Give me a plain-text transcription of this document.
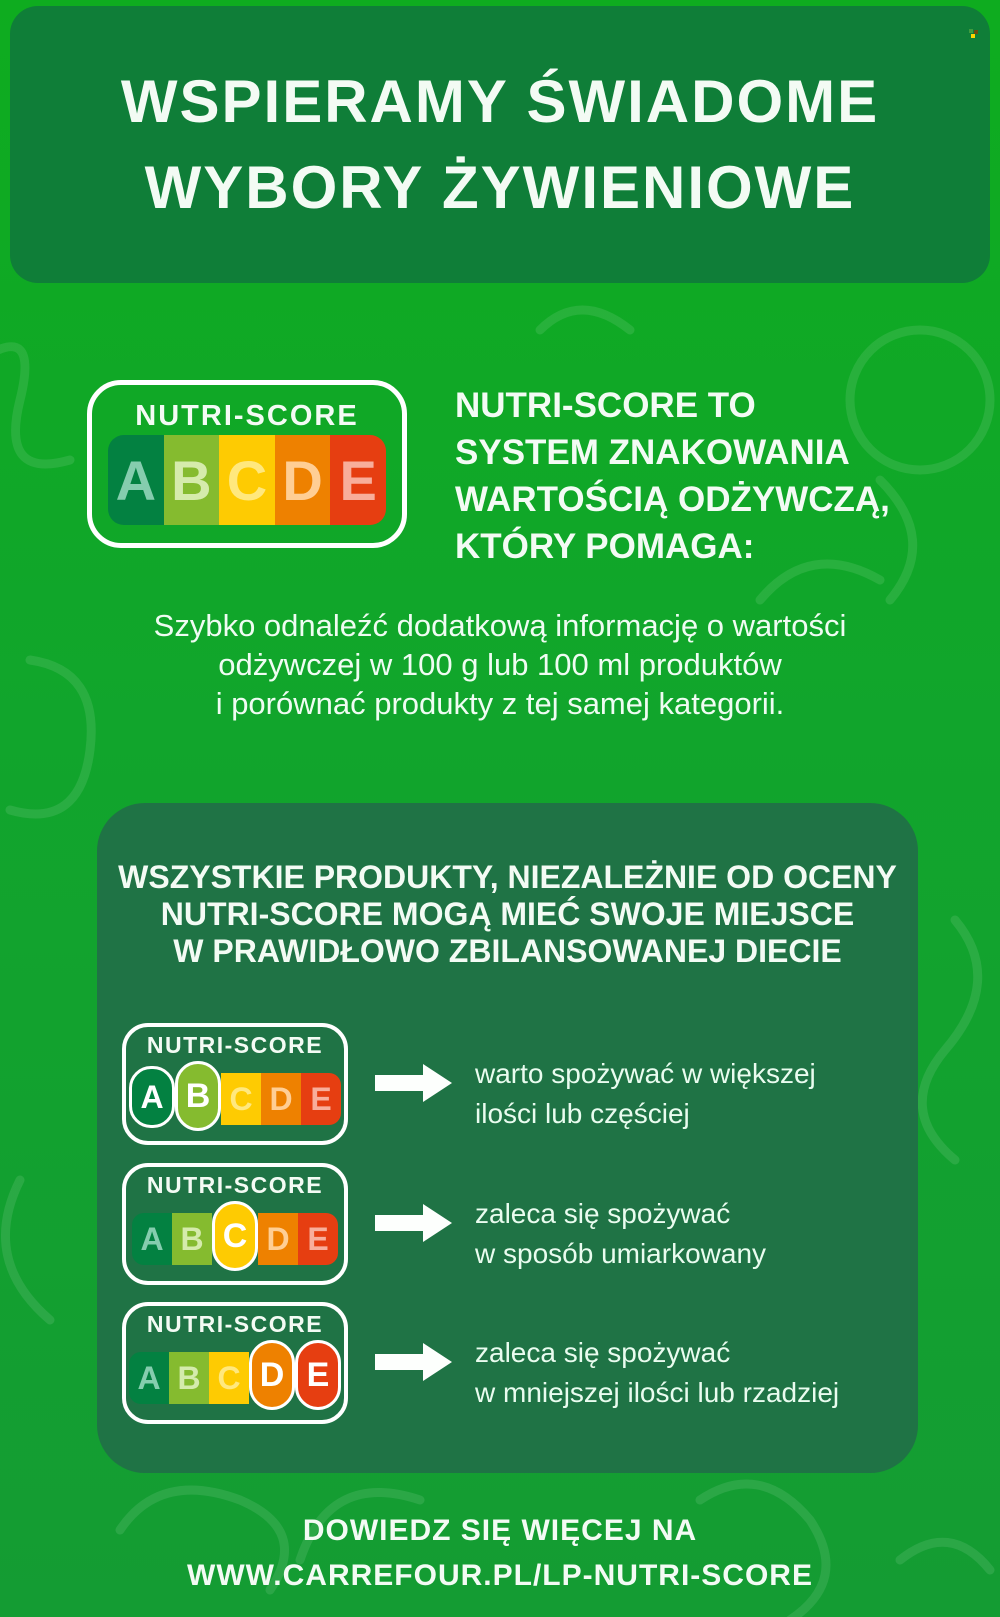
WSPIERAMY ŚWIADOME
WYBORY ŻYWIENIOWE
NUTRI-SCORE
A B C D E
NUTRI-SCORE TO
SYSTEM ZNAKOWANIA
WARTOŚCIĄ ODŻYWCZĄ,
KTÓRY POMAGA:
Szybko odnaleźć dodatkową informację o wartości
odżywczej w 100 g lub 100 ml produktów
i porównać produkty z tej samej kategorii.
WSZYSTKIE PRODUKTY, NIEZALEŻNIE OD OCENY
NUTRI-SCORE MOGĄ MIEĆ SWOJE MIEJSCE
W PRAWIDŁOWO ZBILANSOWANEJ DIECIE
NUTRI-SCORE
A B C D E
warto spożywać w większej
ilości lub częściej
NUTRI-SCORE
A B C D E
zaleca się spożywać
w sposób umiarkowany
NUTRI-SCORE
A B C D E
zaleca się spożywać
w mniejszej ilości lub rzadziej
DOWIEDZ SIĘ WIĘCEJ NA
WWW.CARREFOUR.PL/LP-NUTRI-SCORE
